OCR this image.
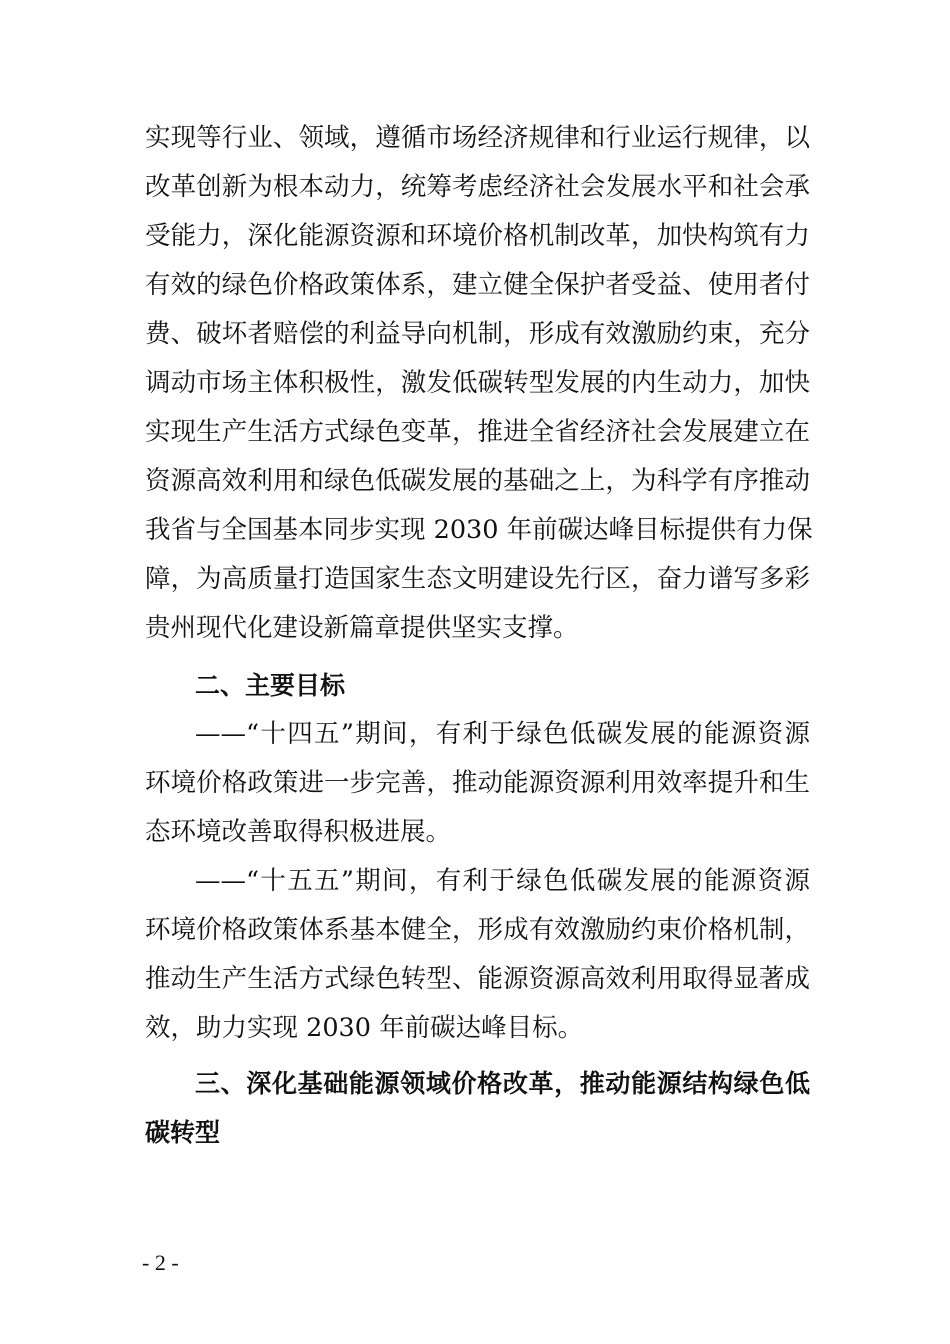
实现等行业、领域，遵循市场经济规律和行业运行规律，以
改革创新为根本动力，统筹考虑经济社会发展水平和社会承
受能力，深化能源资源和环境价格机制改革，加快构筑有力
有效的绿色价格政策体系，建立健全保护者受益、使用者付
费、破坏者赔偿的利益导向机制，形成有效激励约束，充分
调动市场主体积极性，激发低碳转型发展的内生动力，加快
实现生产生活方式绿色变革，推进全省经济社会发展建立在
资源高效利用和绿色低碳发展的基础之上，为科学有序推动
我省与全国基本同步实现 2030 年前碳达峰目标提供有力保
障，为高质量打造国家生态文明建设先行区，奋力谱写多彩
贵州现代化建设新篇章提供坚实支撑。
二、主要目标
——“十四五”期间，有利于绿色低碳发展的能源资源
环境价格政策进一步完善，推动能源资源利用效率提升和生
态环境改善取得积极进展。
——“十五五”期间，有利于绿色低碳发展的能源资源
环境价格政策体系基本健全，形成有效激励约束价格机制，
推动生产生活方式绿色转型、能源资源高效利用取得显著成
效，助力实现 2030 年前碳达峰目标。
三、深化基础能源领域价格改革，推动能源结构绿色低
碳转型
- 2 -
